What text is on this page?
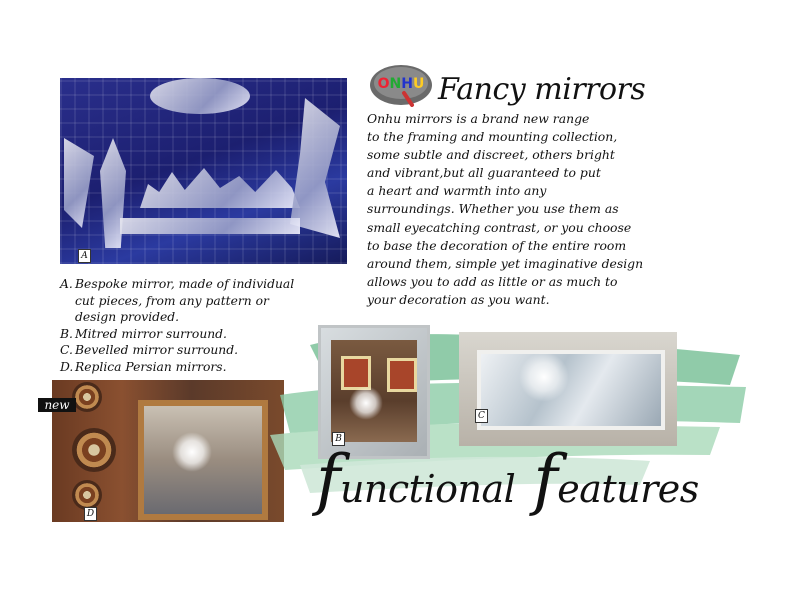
A
A. Bespoke mirror, made of individual cut pieces, from any pattern or design provided.
B. Mitred mirror surround.
C. Bevelled mirror surround.
D. Replica Persian mirrors.
D
new
B
C
ONHU Fancy mirrors
Onhu mirrors is a brand new range
to the framing and mounting collection,
some subtle and discreet, others bright
and vibrant,but all guaranteed to put
a heart and warmth into any
surroundings. Whether you use them as
small eyecatching contrast, or you choose
to base the decoration of the entire room
around them, simple yet imaginative design
allows you to add as little or as much to
your decoration as you want.
functional features
